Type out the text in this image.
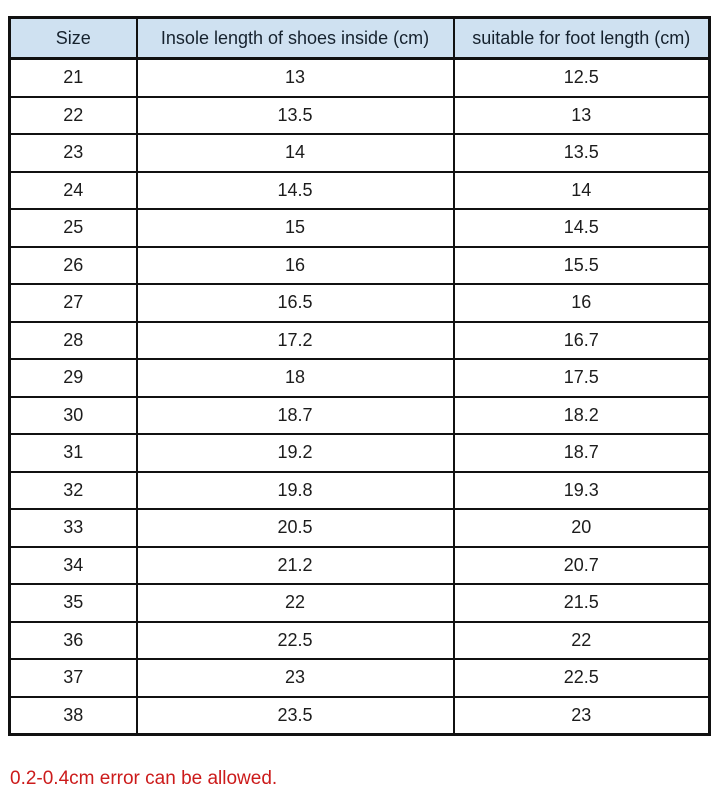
Size	Insole length of shoes inside (cm)	suitable for foot length (cm)
21	13	12.5
22	13.5	13
23	14	13.5
24	14.5	14
25	15	14.5
26	16	15.5
27	16.5	16
28	17.2	16.7
29	18	17.5
30	18.7	18.2
31	19.2	18.7
32	19.8	19.3
33	20.5	20
34	21.2	20.7
35	22	21.5
36	22.5	22
37	23	22.5
38	23.5	23
0.2-0.4cm error can be allowed.
